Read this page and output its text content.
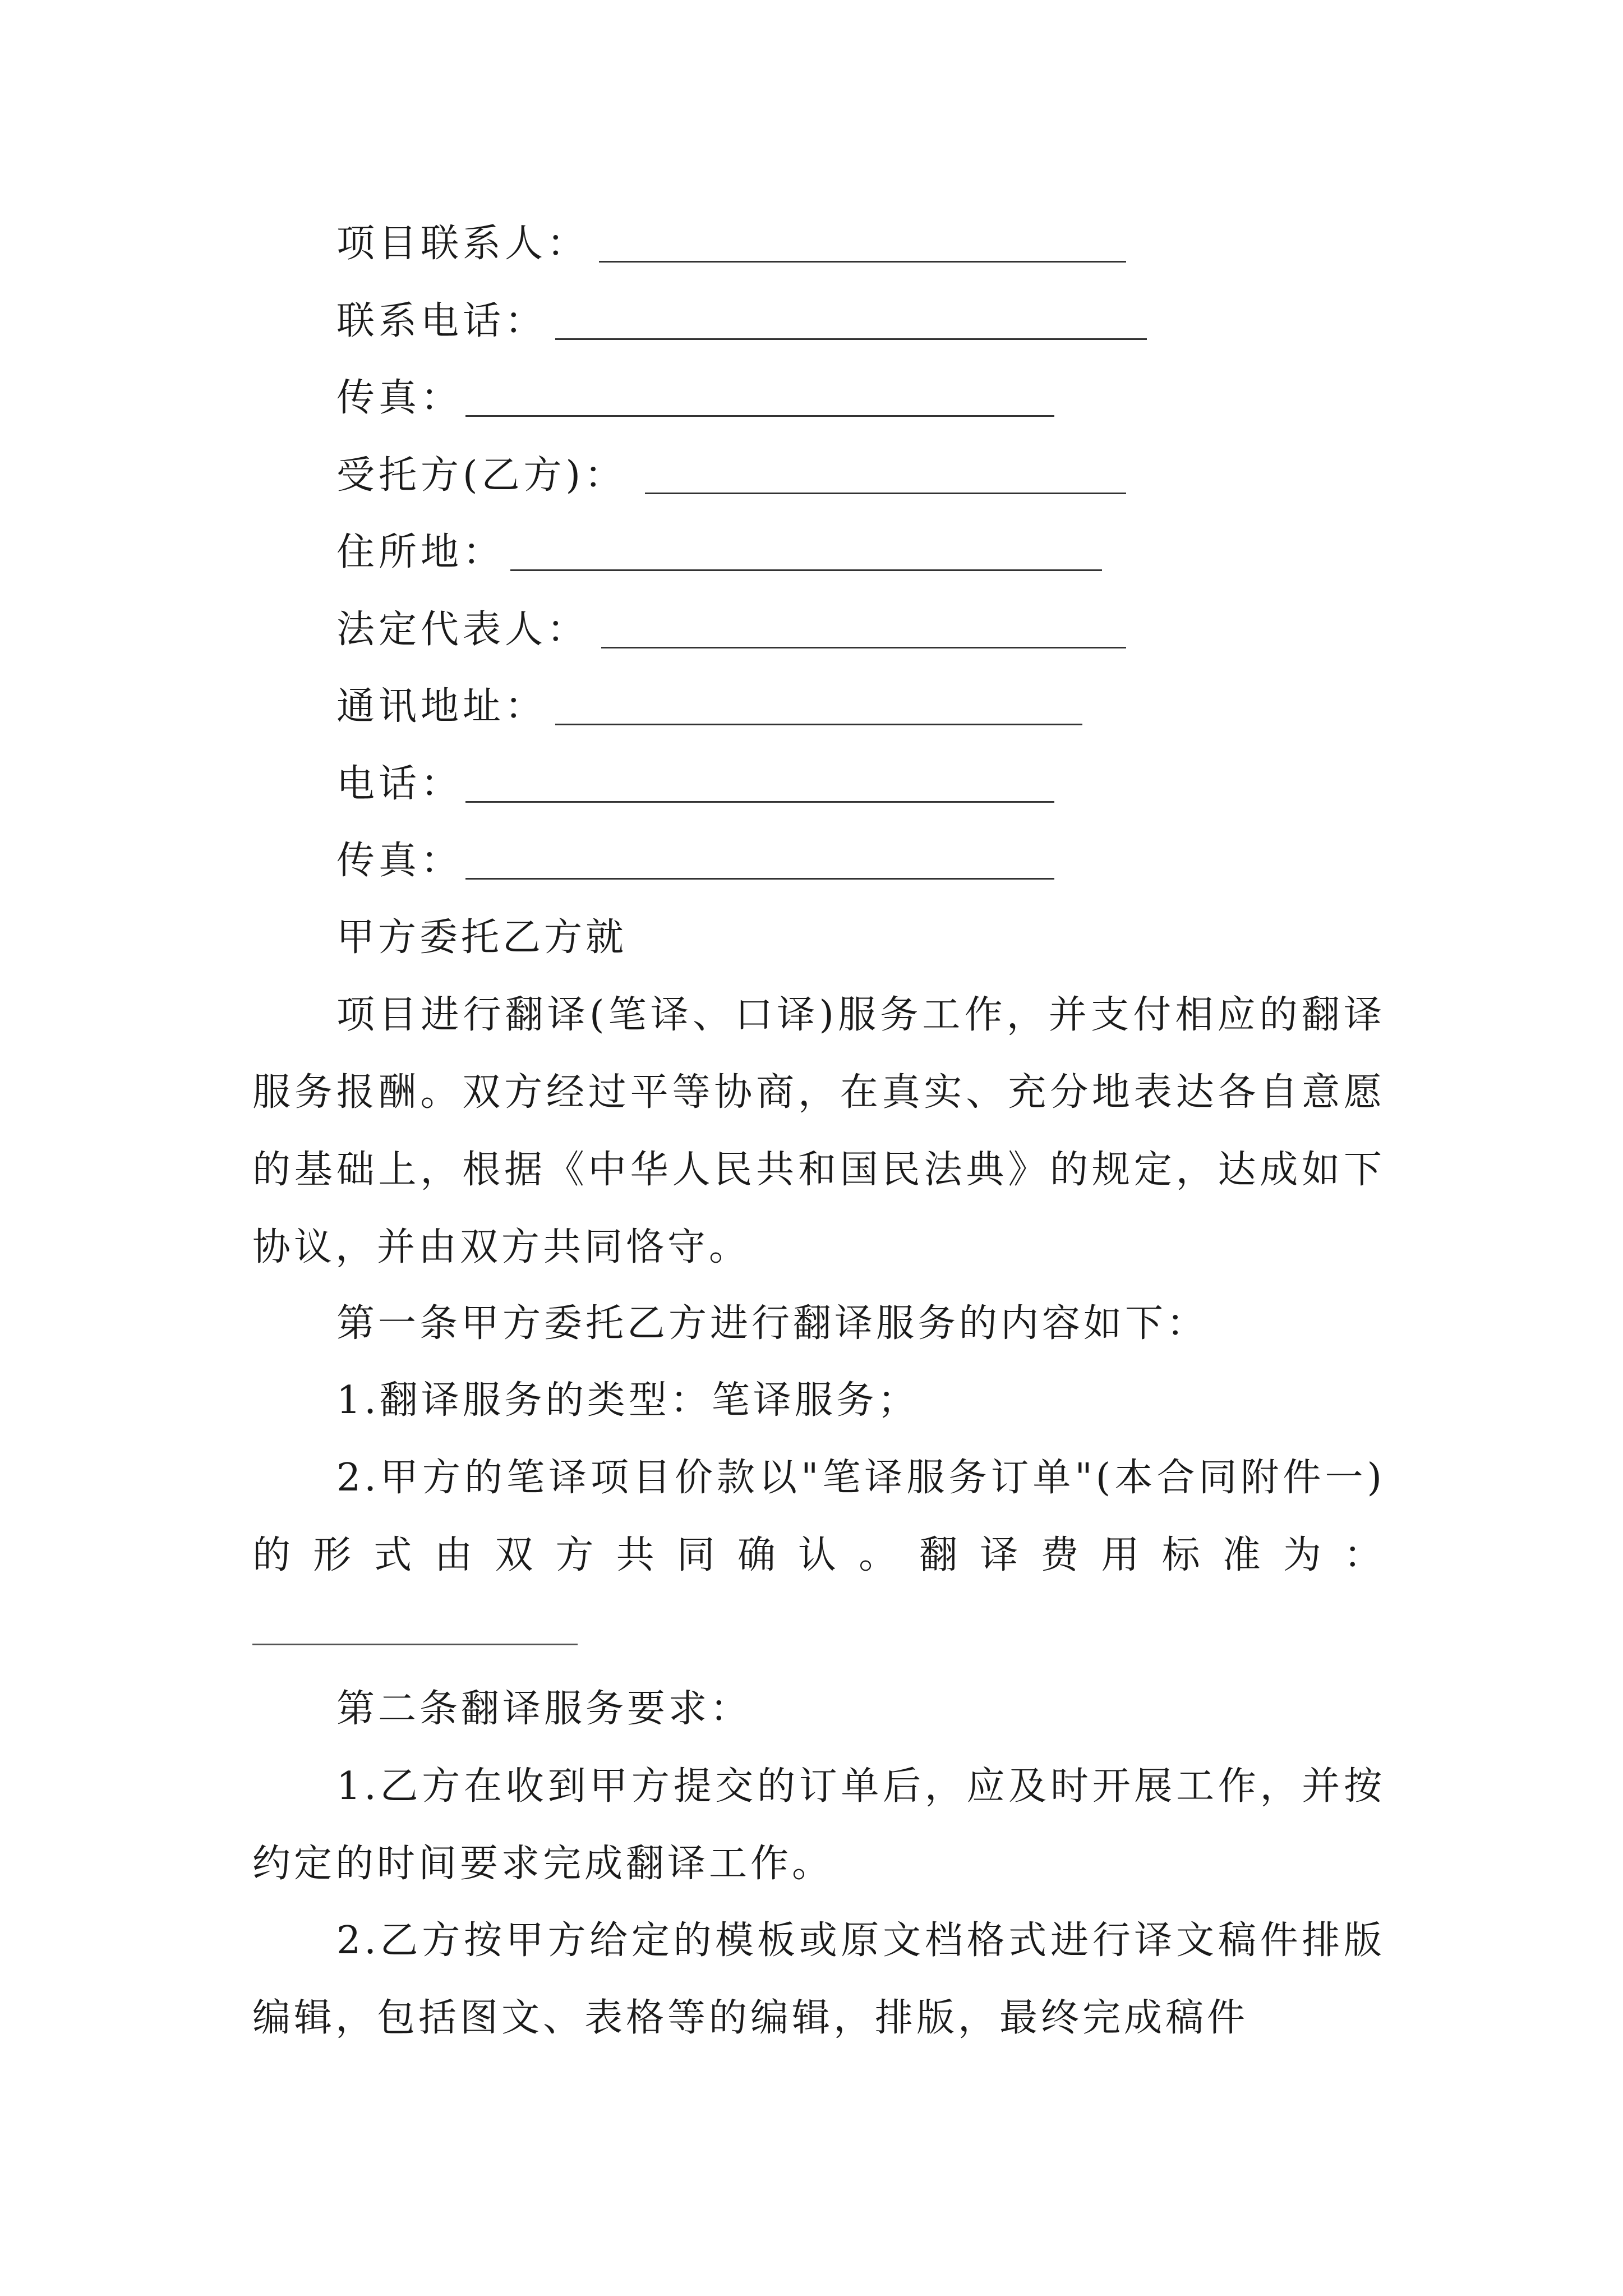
项目联系人：
联系电话：
传真：
受托方(乙方)：
住所地：
法定代表人：
通讯地址：
电话：
传真：
甲方委托乙方就
项目进行翻译(笔译、口译)服务工作，并支付相应的翻译服务报酬。双方经过平等协商，在真实、充分地表达各自意愿的基础上，根据《中华人民共和国民法典》的规定，达成如下协议，并由双方共同恪守。
第一条甲方委托乙方进行翻译服务的内容如下：
1.翻译服务的类型：笔译服务；
2.甲方的笔译项目价款以"笔译服务订单"(本合同附件一)的形式由双方共同确认。翻译费用标准为：
第二条翻译服务要求：
1.乙方在收到甲方提交的订单后，应及时开展工作，并按约定的时间要求完成翻译工作。
2.乙方按甲方给定的模板或原文档格式进行译文稿件排版编辑，包括图文、表格等的编辑，排版，最终完成稿件
